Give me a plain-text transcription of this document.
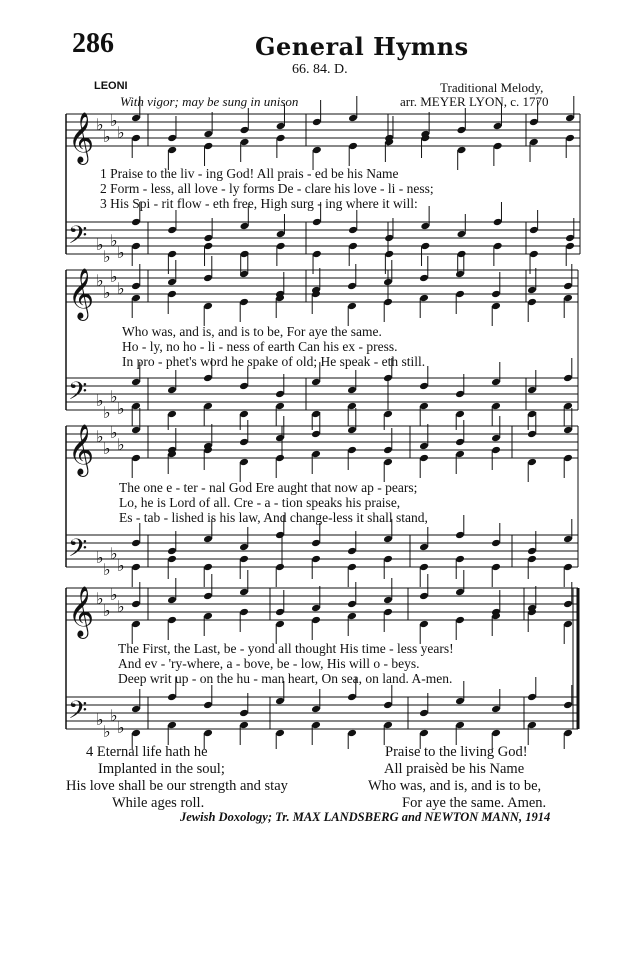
286	General Hymns
66. 84. D.
LEONI
With vigor; may be sung in unison
Traditional Melody,
arr. MEYER LYON, c. 1770
𝄞 ♭
♭
♭
♭
𝄢 ♭
♭
♭
♭
𝄞 ♭
♭
♭
♭
𝄢 ♭
♭
♭
♭
𝄞 ♭
♭
♭
♭
𝄢 ♭
♭
♭
♭
𝄞 ♭
♭
♭
♭
𝄢 ♭
♭
♭
♭
1 Praise to the liv - ing God! All prais - ed be his Name
2 Form - less, all love - ly forms De - clare his love - li - ness;
3 His Spi - rit flow - eth free, High surg - ing where it will:
Who was, and is, and is to be, For aye the same.
Ho - ly, no ho - li - ness of earth Can his ex - press.
In pro - phet's word he spake of old; He speak - eth still.
The one e - ter - nal God Ere aught that now ap - pears;
Lo, he is Lord of all. Cre - a - tion speaks his praise,
Es - tab - lished is his law, And change-less it shall stand,
The First, the Last, be - yond all thought His time - less years!
And ev - 'ry-where, a - bove, be - low, His will o - beys.
Deep writ up - on the hu - man heart, On sea, on land. A-men.
4 Eternal life hath he
Implanted in the soul;
His love shall be our strength and stay
While ages roll.
Praise to the living God!
All praisèd be his Name
Who was, and is, and is to be,
For aye the same. Amen.
Jewish Doxology; Tr. MAX LANDSBERG and NEWTON MANN, 1914
